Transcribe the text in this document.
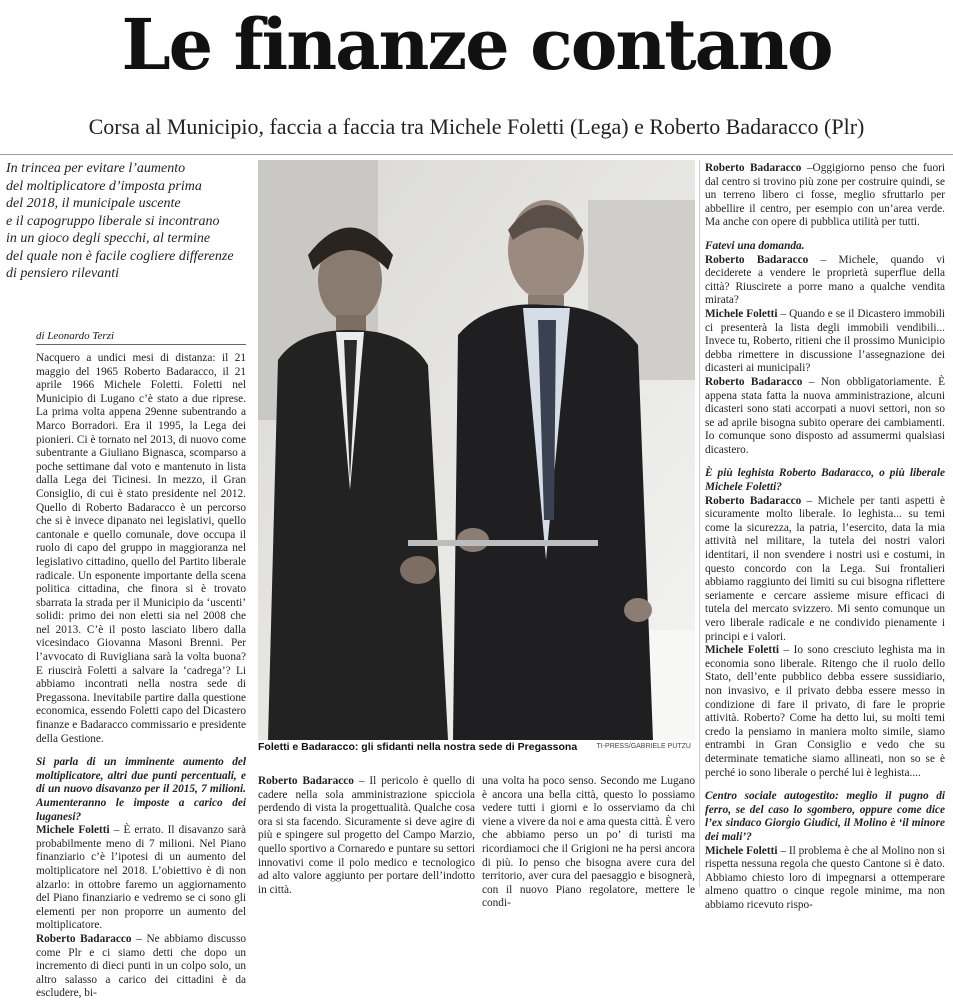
Le finanze contano
Corsa al Municipio, faccia a faccia tra Michele Foletti (Lega) e Roberto Badaracco (Plr)

In trincea per evitare l’aumento

del moltiplicatore d’imposta prima

del 2018, il municipale uscente

e il capogruppo liberale si incontrano

in un gioco degli specchi, al termine

del quale non è facile cogliere differenze

di pensiero rilevanti

di Leonardo Terzi

Nacquero a undici mesi di distanza: il 21 maggio del 1965 Roberto Badaracco, il 21 aprile 1966 Michele Foletti. Foletti nel Municipio di Lugano c’è stato a due riprese. La prima volta appena 29enne subentrando a Marco Borradori. Era il 1995, la Lega dei pionieri. Ci è tornato nel 2013, di nuovo come subentrante a Giuliano Bignasca, scomparso a poche settimane dal voto e mantenuto in lista dalla Lega dei Ticinesi. In mezzo, il Gran Consiglio, di cui è stato presidente nel 2012. Quello di Roberto Badaracco è un percorso che si è invece dipanato nei legislativi, quello cantonale e quello comunale, dove occupa il ruolo di capo del gruppo in maggioranza nel legislativo cittadino, quello del Partito liberale radicale. Un esponente importante della scena politica cittadina, che finora si è trovato sbarrata la strada per il Municipio da ‘uscenti’ solidi: primo dei non eletti sia nel 2008 che nel 2013. C’è il posto lasciato libero dalla vicesindaco Giovanna Masoni Brenni. Per l’avvocato di Ruvigliana sarà la volta buona? E riuscirà Foletti a salvare la ‘cadrega’? Li abbiamo incontrati nella nostra sede di Pregassona. Inevitabile partire dalla questione economica, essendo Foletti capo del Dicastero finanze e Badaracco commissario e presidente della Gestione.

Si parla di un imminente aumento del moltiplicatore, altri due punti percentuali, e di un nuovo disavanzo per il 2015, 7 milioni. Aumenteranno le imposte a carico dei luganesi?

Michele Foletti – È errato. Il disavanzo sarà probabilmente meno di 7 milioni. Nel Piano finanziario c’è l’ipotesi di un aumento del moltiplicatore nel 2018. L’obiettivo è di non alzarlo: in ottobre faremo un aggiornamento del Piano finanziario e vedremo se ci sono gli elementi per non proporre un aumento del moltiplicatore.

Roberto Badaracco – Ne abbiamo discusso come Plr e ci siamo detti che dopo un incremento di dieci punti in un colpo solo, un altro salasso a carico dei cittadini è da escludere, bi-

Foletti e Badaracco: gli sfidanti nella nostra sede di Pregassona	TI-PRESS/GABRIELE PUTZU

Roberto Badaracco – Il pericolo è quello di cadere nella sola amministrazione spicciola perdendo di vista la progettualità. Qualche cosa ora si sta facendo. Sicuramente si deve agire di più e spingere sul progetto del Campo Marzio, quello sportivo a Cornaredo e puntare su settori innovativi come il polo medico e tecnologico ad alto valore aggiunto per portare dell’indotto in città.

una volta ha poco senso. Secondo me Lugano è ancora una bella città, questo lo possiamo vedere tutti i giorni e lo osserviamo da chi viene a vivere da noi e ama questa città. È vero che abbiamo perso un po’ di turisti ma ricordiamoci che il Grigioni ne ha persi ancora di più. Io penso che bisogna avere cura del territorio, aver cura del paesaggio e bisognerà, con il nuovo Piano regolatore, mettere le condi-

Roberto Badaracco –Oggigiorno penso che fuori dal centro si trovino più zone per costruire quindi, se un terreno libero ci fosse, meglio sfruttarlo per abbellire il centro, per esempio con un’area verde. Ma anche con opere di pubblica utilità per tutti.

Fatevi una domanda.

Roberto Badaracco – Michele, quando vi deciderete a vendere le proprietà superflue della città? Riuscirete a porre mano a qualche vendita mirata?

Michele Foletti – Quando e se il Dicastero immobili ci presenterà la lista degli immobili vendibili... Invece tu, Roberto, ritieni che il prossimo Municipio debba rimettere in discussione l’assegnazione dei dicasteri ai municipali?

Roberto Badaracco – Non obbligatoriamente. È appena stata fatta la nuova amministrazione, alcuni dicasteri sono stati accorpati a nuovi settori, non so se ad aprile bisogna subito operare dei cambiamenti. Io comunque sono disposto ad assumermi qualsiasi dicastero.

È più leghista Roberto Badaracco, o più liberale Michele Foletti?

Roberto Badaracco – Michele per tanti aspetti è sicuramente molto liberale. Io leghista... su temi come la sicurezza, la patria, l’esercito, data la mia attività nel militare, la tutela dei nostri valori identitari, il non svendere i nostri usi e costumi, in questo concordo con la Lega. Sui frontalieri abbiamo raggiunto dei limiti su cui bisogna riflettere seriamente e cercare assieme misure efficaci di tutela del mercato svizzero. Mi sento comunque un vero liberale radicale e ne condivido pienamente i principi e i valori.

Michele Foletti – Io sono cresciuto leghista ma in economia sono liberale. Ritengo che il ruolo dello Stato, dell’ente pubblico debba essere sussidiario, non invasivo, e il privato debba essere messo in condizione di fare il privato, di fare le proprie attività. Roberto? Come ha detto lui, su molti temi credo la pensiamo in maniera molto simile, siamo entrambi in Gran Consiglio e vedo che su determinate tematiche siamo allineati, non so se è perché io sono liberale o perché lui è leghista....

Centro sociale autogestito: meglio il pugno di ferro, se del caso lo sgombero, oppure come dice l’ex sindaco Giorgio Giudici, il Molino è ‘il minore dei mali’?

Michele Foletti – Il problema è che al Molino non si rispetta nessuna regola che questo Cantone si è dato. Abbiamo chiesto loro di impegnarsi a ottemperare almeno quattro o cinque regole minime, ma non abbiamo ricevuto rispo-
